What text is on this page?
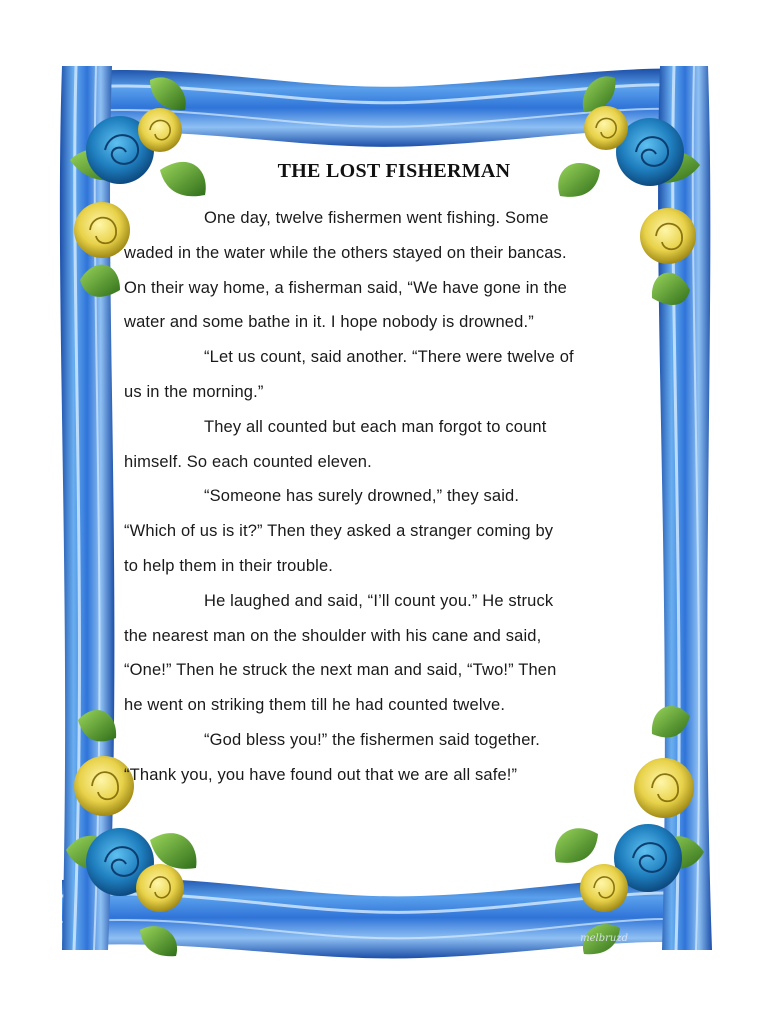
THE LOST FISHERMAN
One day, twelve fishermen went fishing. Some
waded in the water while the others stayed on their bancas.
On their way home, a fisherman said, “We have gone in the
water and some bathe in it. I hope nobody is drowned.”
“Let us count, said another. “There were twelve of
us in the morning.”
They all counted but each man forgot to count
himself. So each counted eleven.
“Someone has surely drowned,” they said.
“Which of us is it?” Then they asked a stranger coming by
to help them in their trouble.
He laughed and said, “I’ll count you.” He struck
the nearest man on the shoulder with his cane and said,
“One!” Then he struck the next man and said, “Two!” Then
he went on striking them till he had counted twelve.
“God bless you!” the fishermen said together.
“Thank you, you have found out that we are all safe!”
melbruzd
